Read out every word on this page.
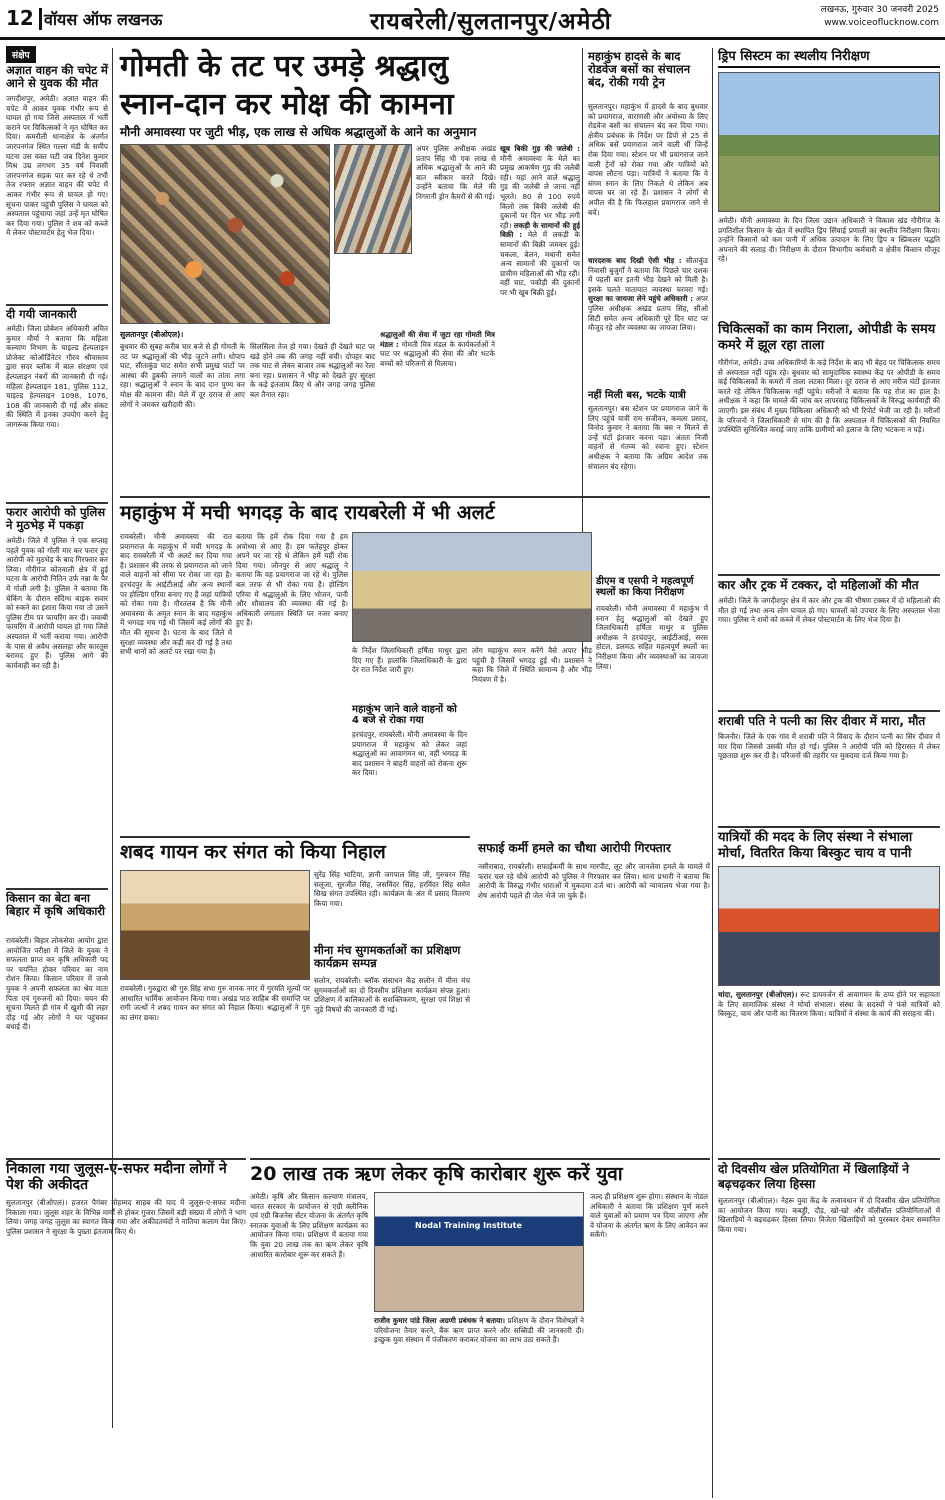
12 वॉयस ऑफ लखनऊ	रायबरेली/सुलतानपुर/अमेठी	लखनऊ, गुरुवार 30 जनवरी 2025
www.voiceoflucknow.com
संक्षेप
अज्ञात वाहन की चपेट में आने से युवक की मौत
जगदीशपुर, अमेठी। अज्ञात वाहन की चपेट में आकर युवक गंभीर रूप से घायल हो गया जिसे अस्पताल में भर्ती कराने पर चिकित्सकों ने मृत घोषित कर दिया। कमरौली थानाक्षेत्र के अंतर्गत जारपनगंज स्थित गल्ला मंडी के समीप घटना उस वक्त घटी जब दिनेश कुमार मिश्र उम्र लगभग 35 वर्ष निवासी जारपनगंज सड़क पार कर रहे थे तभी तेज रफ्तार अज्ञात वाहन की चपेट में आकर गंभीर रूप से घायल हो गए। सूचना पाकर पहुंची पुलिस ने घायल को अस्पताल पहुंचाया जहां उन्हें मृत घोषित कर दिया गया। पुलिस ने शव को कब्जे में लेकर पोस्टमार्टम हेतु भेज दिया।
दी गयी जानकारी
अमेठी। जिला प्रोबेशन अधिकारी अमित कुमार मौर्या ने बताया कि महिला कल्याण विभाग के चाइल्ड हेल्पलाइन प्रोजेक्ट कोऑर्डिनेटर गौरव श्रीवास्तव द्वारा सदर ब्लॉक में बाल संरक्षण एवं हेल्पलाइन नंबरों की जानकारी दी गई। महिला हेल्पलाइन 181, पुलिस 112, चाइल्ड हेल्पलाइन 1098, 1076, 108 की जानकारी दी गई और संकट की स्थिति में इनका उपयोग करने हेतु जागरूक किया गया।
फरार आरोपी को पुलिस ने मुठभेड़ में पकड़ा
अमेठी। जिले में पुलिस ने एक सप्ताह पहले युवक को गोली मार कर फरार हुए आरोपी को मुठभेड़ के बाद गिरफ्तार कर लिया। गौरीगंज कोतवाली क्षेत्र में हुई घटना के आरोपी नितिन उर्फ नन्ना के पैर में गोली लगी है। पुलिस ने बताया कि चेकिंग के दौरान संदिग्ध बाइक सवार को रुकने का इशारा किया गया तो उसने पुलिस टीम पर फायरिंग कर दी। जवाबी फायरिंग में आरोपी घायल हो गया जिसे अस्पताल में भर्ती कराया गया। आरोपी के पास से अवैध असलहा और कारतूस बरामद हुए हैं। पुलिस आगे की कार्यवाही कर रही है।
किसान का बेटा बना बिहार में कृषि अधिकारी
रायबरेली। बिहार लोकसेवा आयोग द्वारा आयोजित परीक्षा में जिले के युवक ने सफलता प्राप्त कर कृषि अधिकारी पद पर चयनित होकर परिवार का नाम रोशन किया। किसान परिवार में जन्मे युवक ने अपनी सफलता का श्रेय माता पिता एवं गुरुजनों को दिया। चयन की सूचना मिलते ही गांव में खुशी की लहर दौड़ गई और लोगों ने घर पहुंचकर बधाई दी।
गोमती के तट पर उमड़े श्रद्धालु
स्नान-दान कर मोक्ष की कामना
मौनी अमावस्या पर जुटी भीड़, एक लाख से अधिक श्रद्धालुओं के आने का अनुमान
अपर पुलिस अधीक्षक अखंड प्रताप सिंह भी एक लाख से अधिक श्रद्धालुओं के आने की बात स्वीकार करते दिखे। उन्होंने बताया कि मेले की निगरानी ड्रोन कैमरों से की गई।
खूब बिकी गुड़ की जलेबी : मौनी अमावस्या के मेले का प्रमुख आकर्षण गुड़ की जलेबी रही। यहां आने वाले श्रद्धालु गुड़ की जलेबी ले जाना नहीं भूलते। 80 से 100 रुपये किलो तक बिकी जलेबी की दुकानों पर दिन भर भीड़ लगी रही। लकड़ी के सामानों की हुई बिक्री : मेले में लकड़ी के सामानों की बिक्री जमकर हुई। चकला, बेलन, मथानी समेत अन्य सामानों की दुकानों पर ग्रामीण महिलाओं की भीड़ रही। वहीं चाट, पकौड़ी की दुकानों पर भी खूब बिक्री हुई।
सुलतानपुर (बीओएल)।
बुधवार की सुबह करीब चार बजे से ही गोमती के तट पर श्रद्धालुओं की भीड़ जुटने लगी। धोपाप घाट, सीताकुंड घाट समेत सभी प्रमुख घाटों पर आस्था की डुबकी लगाने वालों का तांता लगा रहा। श्रद्धालुओं ने स्नान के बाद दान पुण्य कर मोक्ष की कामना की। मेले में दूर दराज से आए लोगों ने जमकर खरीदारी की।
सिलसिला तेज हो गया। देखते ही देखते घाट पर खड़े होने तक की जगह नहीं बची। दोपहर बाद तक घाट से लेकर बाजार तक श्रद्धालुओं का रेला बना रहा। प्रशासन ने भीड़ को देखते हुए सुरक्षा के कड़े इंतजाम किए थे और जगह जगह पुलिस बल तैनात रहा।
श्रद्धालुओं की सेवा में जुटा रहा गोमती मित्र मंडल : गोमती मित्र मंडल के कार्यकर्ताओं ने घाट पर श्रद्धालुओं की सेवा की और भटके बच्चों को परिजनों से मिलाया।
महाकुंभ हादसे के बाद रोडवेज बसों का संचालन बंद, रोकी गयी ट्रेन
सुलतानपुर। महाकुंभ में हादसे के बाद बुधवार को प्रयागराज, वाराणसी और अयोध्या के लिए रोडवेज बसों का संचालन बंद कर दिया गया। क्षेत्रीय प्रबंधक के निर्देश पर डिपो से 25 से अधिक बसें प्रयागराज जाने वाली थीं जिन्हें रोक दिया गया। स्टेशन पर भी प्रयागराज जाने वाली ट्रेनों को रोका गया और यात्रियों को वापस लौटना पड़ा। यात्रियों ने बताया कि वे संगम स्नान के लिए निकले थे लेकिन अब वापस घर जा रहे हैं। प्रशासन ने लोगों से अपील की है कि फिलहाल प्रयागराज जाने से बचें।
चारदशक बाद दिखी ऐसी भीड़ : सीताकुंड निवासी बुजुर्गों ने बताया कि पिछले चार दशक में पहली बार इतनी भीड़ देखने को मिली है। इसके चलते यातायात व्यवस्था चरमरा गई। सुरक्षा का जायजा लेने पहुंचे अधिकारी : अपर पुलिस अधीक्षक अखंड प्रताप सिंह, सीओ सिटी समेत अन्य अधिकारी पूरे दिन घाट पर मौजूद रहे और व्यवस्था का जायजा लिया।
नहीं मिली बस, भटके यात्री
सुलतानपुर। बस स्टेशन पर प्रयागराज जाने के लिए पहुंचे यात्री राम सजीवन, कमला प्रसाद, विनोद कुमार ने बताया कि बस न मिलने से उन्हें घंटों इंतजार करना पड़ा। अंततः निजी वाहनों से गंतव्य को रवाना हुए। स्टेशन अधीक्षक ने बताया कि अग्रिम आदेश तक संचालन बंद रहेगा।
महाकुंभ में मची भगदड़ के बाद रायबरेली में भी अलर्ट
रायबरेली। मौनी अमावस्या की रात प्रयागराज के महाकुंभ में मची भगदड़ के बाद रायबरेली में भी अलर्ट कर दिया गया है। प्रशासन की तरफ से प्रयागराज को जाने वाले वाहनों को सीमा पर रोका जा रहा है। हरचंदपुर के आईटीआई और अन्य स्थानों पर होल्डिंग एरिया बनाए गए हैं जहां यात्रियों को रोका गया है। गौरतलब है कि मौनी अमावस्या के अमृत स्नान के बाद महाकुंभ में भगदड़ मच गई थी जिसमें कई लोगों की मौत की सूचना है। घटना के बाद जिले में सुरक्षा व्यवस्था और कड़ी कर दी गई है तथा सभी थानों को अलर्ट पर रखा गया है।
बताया कि हमें रोक दिया गया है हम अयोध्या से आए हैं। हम फतेहपुर होकर अपने घर जा रहे थे लेकिन हमें यहीं रोक दिया गया। जौनपुर से आए श्रद्धालु ने बताया कि वह प्रयागराज जा रहे थे। पुलिस बल तरफ से भी रोका गया है। होल्डिंग एरिया में श्रद्धालुओं के लिए भोजन, पानी और शौचालय की व्यवस्था की गई है। अधिकारी लगातार स्थिति पर नजर बनाए हुए हैं।
के निर्देश जिलाधिकारी हर्षिता माथुर द्वारा दिए गए हैं। हालांकि जिलाधिकारी के द्वारा देर रात निर्देश जारी हुए।
महाकुंभ जाने वाले वाहनों को 4 बजे से रोका गया
हरचंदपुर, रायबरेली। मौनी अमावस्या के दिन प्रयागराज में महाकुंभ को लेकर जहां श्रद्धालुओं का आवागमन था, वहीं भगदड़ के बाद प्रशासन ने बाहरी वाहनों को रोकना शुरू कर दिया।
लोग महाकुंभ स्नान करेंगे वैसे अपार भीड़ पहुंची है जिसमें भगदड़ हुई थी। प्रशासन ने कहा कि जिले में स्थिति सामान्य है और भीड़ नियंत्रण में है।
डीएम व एसपी ने महत्वपूर्ण स्थलों का किया निरीक्षण
रायबरेली। मौनी अमावस्या में महाकुंभ में स्नान हेतु श्रद्धालुओं को देखते हुए जिलाधिकारी हर्षिता माथुर व पुलिस अधीक्षक ने हरचंदपुर, आईटीआई, सरस होटल, डलमऊ सहित महत्वपूर्ण स्थलों का निरीक्षण किया और व्यवस्थाओं का जायजा लिया।
शबद गायन कर संगत को किया निहाल
रायबरेली। गुरुद्वारा श्री गुरु सिंह सभा गुरु नानक नगर में गुरमति मूल्यों पर आधारित धार्मिक आयोजन किया गया। अखंड पाठ साहिब की समाप्ति पर रागी जत्थों ने शबद गायन कर संगत को निहाल किया। श्रद्धालुओं ने गुरु का लंगर छका।
सुरेंद्र सिंह भाटिया, ज्ञानी जगपाल सिंह जी, गुरुचरन सिंह सलूजा, सुरजीत सिंह, जसविंदर सिंह, हरविंदर सिंह समेत सिख संगत उपस्थित रही। कार्यक्रम के अंत में प्रसाद वितरण किया गया।
मीना मंच सुगमकर्ताओं का प्रशिक्षण कार्यक्रम सम्पन्न
सलोन, रायबरेली। ब्लॉक संसाधन केंद्र सलोन में मीना मंच सुगमकर्ताओं का दो दिवसीय प्रशिक्षण कार्यक्रम संपन्न हुआ। प्रशिक्षण में बालिकाओं के सशक्तिकरण, सुरक्षा एवं शिक्षा से जुड़े विषयों की जानकारी दी गई।
सफाई कर्मी हमले का चौथा आरोपी गिरफ्तार
नसीराबाद, रायबरेली। सफाईकर्मी के साथ मारपीट, लूट और जानलेवा हमले के मामले में फरार चल रहे चौथे आरोपी को पुलिस ने गिरफ्तार कर लिया। थाना प्रभारी ने बताया कि आरोपी के विरुद्ध गंभीर धाराओं में मुकदमा दर्ज था। आरोपी को न्यायालय भेजा गया है। शेष आरोपी पहले ही जेल भेजे जा चुके हैं।
निकाला गया जुलूस-ए-सफर मदीना लोगों ने पेश की अकीदत
सुलतानपुर (बीओएल)। हजरत पैगंबर मोहम्मद साहब की याद में जुलूस-ए-सफर मदीना निकाला गया। जुलूस शहर के विभिन्न मार्गों से होकर गुजरा जिसमें बड़ी संख्या में लोगों ने भाग लिया। जगह जगह जुलूस का स्वागत किया गया और अकीदतमंदों ने नातिया कलाम पेश किए। पुलिस प्रशासन ने सुरक्षा के पुख्ता इंतजाम किए थे।
20 लाख तक ऋण लेकर कृषि कारोबार शुरू करें युवा
अमेठी। कृषि और किसान कल्याण मंत्रालय, भारत सरकार के प्रायोजन से एग्री क्लीनिक एवं एग्री बिजनेस सेंटर योजना के अंतर्गत कृषि स्नातक युवाओं के लिए प्रशिक्षण कार्यक्रम का आयोजन किया गया। प्रशिक्षण में बताया गया कि युवा 20 लाख तक का ऋण लेकर कृषि आधारित कारोबार शुरू कर सकते हैं।
Nodal Training Institute
राजीव कुमार पांडे जिला अग्रणी प्रबंधक ने बताया। प्रशिक्षण के दौरान विशेषज्ञों ने परियोजना तैयार करने, बैंक ऋण प्राप्त करने और सब्सिडी की जानकारी दी। इच्छुक युवा संस्थान में पंजीकरण कराकर योजना का लाभ उठा सकते हैं।
जल्द ही प्रशिक्षण शुरू होगा। संस्थान के नोडल अधिकारी ने बताया कि प्रशिक्षण पूर्ण करने वाले युवाओं को प्रमाण पत्र दिया जाएगा और वे योजना के अंतर्गत ऋण के लिए आवेदन कर सकेंगे।
ड्रिप सिस्टम का स्थलीय निरीक्षण
अमेठी। मौनी अमावस्या के दिन जिला उद्यान अधिकारी ने विकास खंड गौरीगंज के प्रगतिशील किसान के खेत में स्थापित ड्रिप सिंचाई प्रणाली का स्थलीय निरीक्षण किया। उन्होंने किसानों को कम पानी में अधिक उत्पादन के लिए ड्रिप व स्प्रिंकलर पद्धति अपनाने की सलाह दी। निरीक्षण के दौरान विभागीय कर्मचारी व क्षेत्रीय किसान मौजूद रहे।
चिकित्सकों का काम निराला, ओपीडी के समय कमरे में झूल रहा ताला
गौरीगंज, अमेठी। उच्च अधिकारियों के कड़े निर्देश के बाद भी बेहद पर चिकित्सक समय से अस्पताल नहीं पहुंच रहे। बुधवार को सामुदायिक स्वास्थ्य केंद्र पर ओपीडी के समय कई चिकित्सकों के कमरों में ताला लटका मिला। दूर दराज से आए मरीज घंटों इंतजार करते रहे लेकिन चिकित्सक नहीं पहुंचे। मरीजों ने बताया कि यह रोज का हाल है। अधीक्षक ने कहा कि मामले की जांच कर लापरवाह चिकित्सकों के विरुद्ध कार्यवाही की जाएगी। इस संबंध में मुख्य चिकित्सा अधिकारी को भी रिपोर्ट भेजी जा रही है। मरीजों के परिजनों ने जिलाधिकारी से मांग की है कि अस्पताल में चिकित्सकों की नियमित उपस्थिति सुनिश्चित कराई जाए ताकि ग्रामीणों को इलाज के लिए भटकना न पड़े।
कार और ट्रक में टक्कर, दो महिलाओं की मौत
अमेठी। जिले के जगदीशपुर क्षेत्र में कार और ट्रक की भीषण टक्कर में दो महिलाओं की मौत हो गई तथा अन्य लोग घायल हो गए। घायलों को उपचार के लिए अस्पताल भेजा गया। पुलिस ने शवों को कब्जे में लेकर पोस्टमार्टम के लिए भेज दिया है।
शराबी पति ने पत्नी का सिर दीवार में मारा, मौत
बिजनौर। जिले के एक गांव में शराबी पति ने विवाद के दौरान पत्नी का सिर दीवार में मार दिया जिससे उसकी मौत हो गई। पुलिस ने आरोपी पति को हिरासत में लेकर पूछताछ शुरू कर दी है। परिजनों की तहरीर पर मुकदमा दर्ज किया गया है।
यात्रियों की मदद के लिए संस्था ने संभाला मोर्चा, वितरित किया बिस्कुट चाय व पानी
चांदा, सुलतानपुर (बीओएल)। रूट डायवर्जन से आवागमन के ठप्प होने पर सहायता के लिए सामाजिक संस्था ने मोर्चा संभाला। संस्था के सदस्यों ने फंसे यात्रियों को बिस्कुट, चाय और पानी का वितरण किया। यात्रियों ने संस्था के कार्य की सराहना की।
दो दिवसीय खेल प्रतियोगिता में खिलाड़ियों ने बढ़चढ़कर लिया हिस्सा
सुलतानपुर (बीओएल)। नेहरू युवा केंद्र के तत्वावधान में दो दिवसीय खेल प्रतियोगिता का आयोजन किया गया। कबड्डी, दौड़, खो-खो और वॉलीबॉल प्रतियोगिताओं में खिलाड़ियों ने बढ़चढ़कर हिस्सा लिया। विजेता खिलाड़ियों को पुरस्कार देकर सम्मानित किया गया।
